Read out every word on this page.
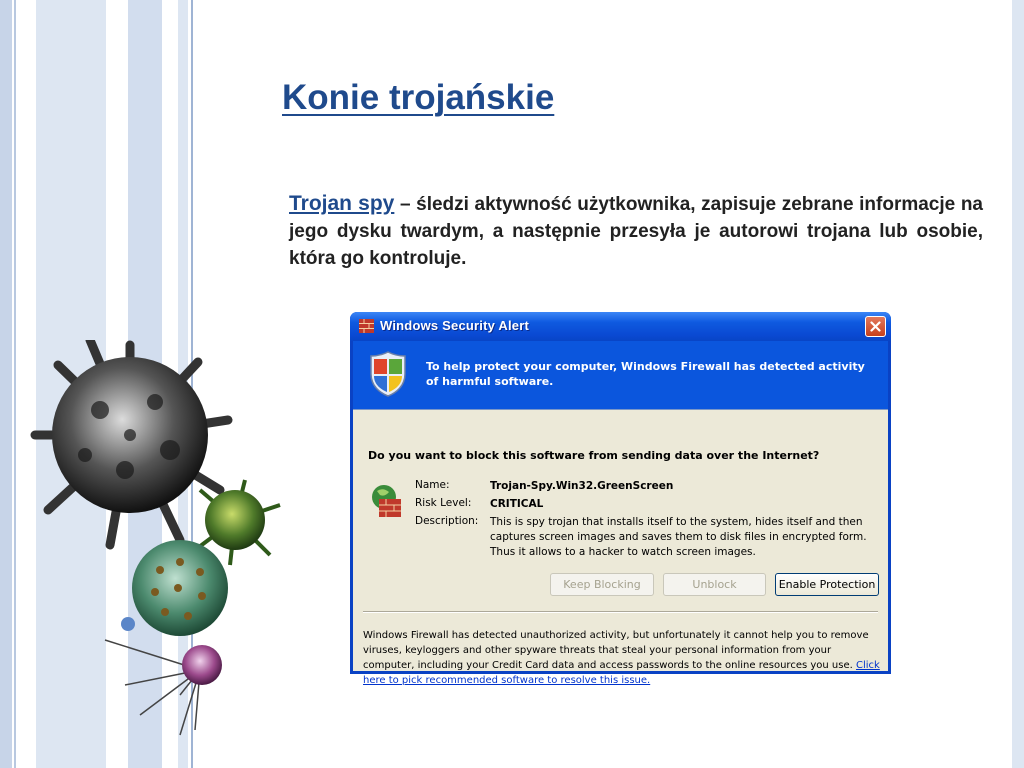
Konie trojańskie

Trojan spy – śledzi aktywność użytkownika, zapisuje zebrane informacje na jego dysku twardym, a następnie przesyła je autorowi trojana lub osobie, która go kontroluje.

Windows Security Alert
To help protect your computer, Windows Firewall has detected activity of harmful software.
Do you want to block this software from sending data over the Internet?
Name:	Trojan-Spy.Win32.GreenScreen
Risk Level:	CRITICAL
Description:	This is spy trojan that installs itself to the system, hides itself and then captures screen images and saves them to disk files in encrypted form. Thus it allows to a hacker to watch screen images.
Keep Blocking	Unblock	Enable Protection

Windows Firewall has detected unauthorized activity, but unfortunately it cannot help you to remove viruses, keyloggers and other spyware threats that steal your personal information from your computer, including your Credit Card data and access passwords to the online resources you use. Click here to pick recommended software to resolve this issue.
